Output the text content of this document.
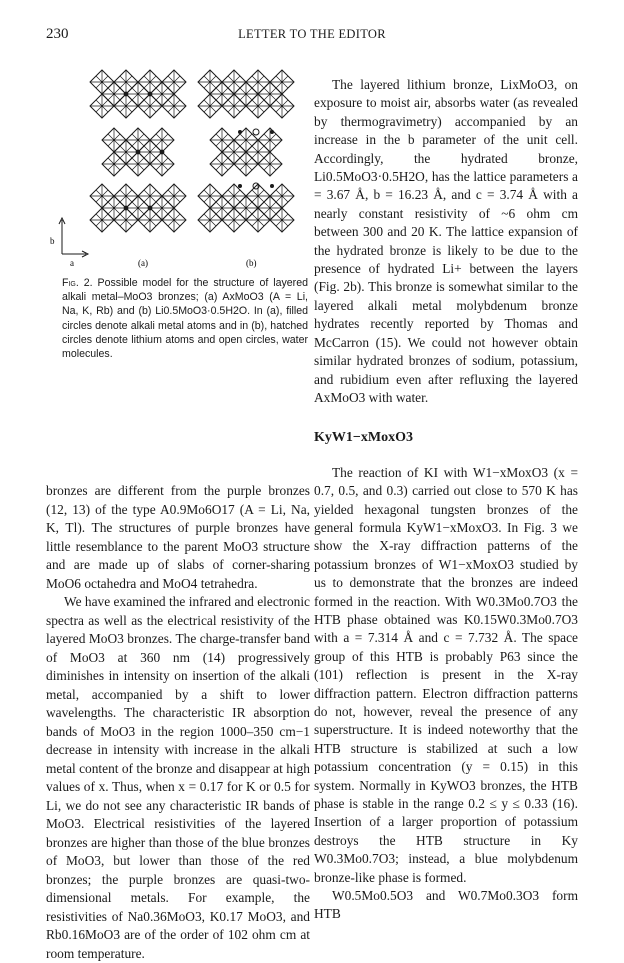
230	LETTER TO THE EDITOR
b
a	(a)	(b)
Fig. 2. Possible model for the structure of layered alkali metal–MoO3 bronzes; (a) AxMoO3 (A = Li, Na, K, Rb) and (b) Li0.5MoO3·0.5H2O. In (a), filled circles denote alkali metal atoms and in (b), hatched circles denote lithium atoms and open circles, water molecules.

bronzes are different from the purple bronzes (12, 13) of the type A0.9Mo6O17 (A = Li, Na, K, Tl). The structures of purple bronzes have little resemblance to the parent MoO3 structure and are made up of slabs of corner-sharing MoO6 octahedra and MoO4 tetrahedra.

We have examined the infrared and electronic spectra as well as the electrical resistivity of the layered MoO3 bronzes. The charge-transfer band of MoO3 at 360 nm (14) progressively diminishes in intensity on insertion of the alkali metal, accompanied by a shift to lower wavelengths. The characteristic IR absorption bands of MoO3 in the region 1000–350 cm−1 decrease in intensity with increase in the alkali metal content of the bronze and disappear at high values of x. Thus, when x = 0.17 for K or 0.5 for Li, we do not see any characteristic IR bands of MoO3. Electrical resistivities of the layered bronzes are higher than those of the blue bronzes of MoO3, but lower than those of the red bronzes; the purple bronzes are quasi-two-dimensional metals. For example, the resistivities of Na0.36MoO3, K0.17 MoO3, and Rb0.16MoO3 are of the order of 102 ohm cm at room temperature.

The layered lithium bronze, LixMoO3, on exposure to moist air, absorbs water (as revealed by thermogravimetry) accompanied by an increase in the b parameter of the unit cell. Accordingly, the hydrated bronze, Li0.5MoO3·0.5H2O, has the lattice parameters a = 3.67 Å, b = 16.23 Å, and c = 3.74 Å with a nearly constant resistivity of ~6 ohm cm between 300 and 20 K. The lattice expansion of the hydrated bronze is likely to be due to the presence of hydrated Li+ between the layers (Fig. 2b). This bronze is somewhat similar to the layered alkali metal molybdenum bronze hydrates recently reported by Thomas and McCarron (15). We could not however obtain similar hydrated bronzes of sodium, potassium, and rubidium even after refluxing the layered AxMoO3 with water.

KyW1−xMoxO3

The reaction of KI with W1−xMoxO3 (x = 0.7, 0.5, and 0.3) carried out close to 570 K has yielded hexagonal tungsten bronzes of the general formula KyW1−xMoxO3. In Fig. 3 we show the X-ray diffraction patterns of the potassium bronzes of W1−xMoxO3 studied by us to demonstrate that the bronzes are indeed formed in the reaction. With W0.3Mo0.7O3 the HTB phase obtained was K0.15W0.3Mo0.7O3 with a = 7.314 Å and c = 7.732 Å. The space group of this HTB is probably P63 since the (101) reflection is present in the X-ray diffraction pattern. Electron diffraction patterns do not, however, reveal the presence of any superstructure. It is indeed noteworthy that the HTB structure is stabilized at such a low potassium concentration (y = 0.15) in this system. Normally in KyWO3 bronzes, the HTB phase is stable in the range 0.2 ≤ y ≤ 0.33 (16). Insertion of a larger proportion of potassium destroys the HTB structure in Ky W0.3Mo0.7O3; instead, a blue molybdenum bronze-like phase is formed.

W0.5Mo0.5O3 and W0.7Mo0.3O3 form HTB
